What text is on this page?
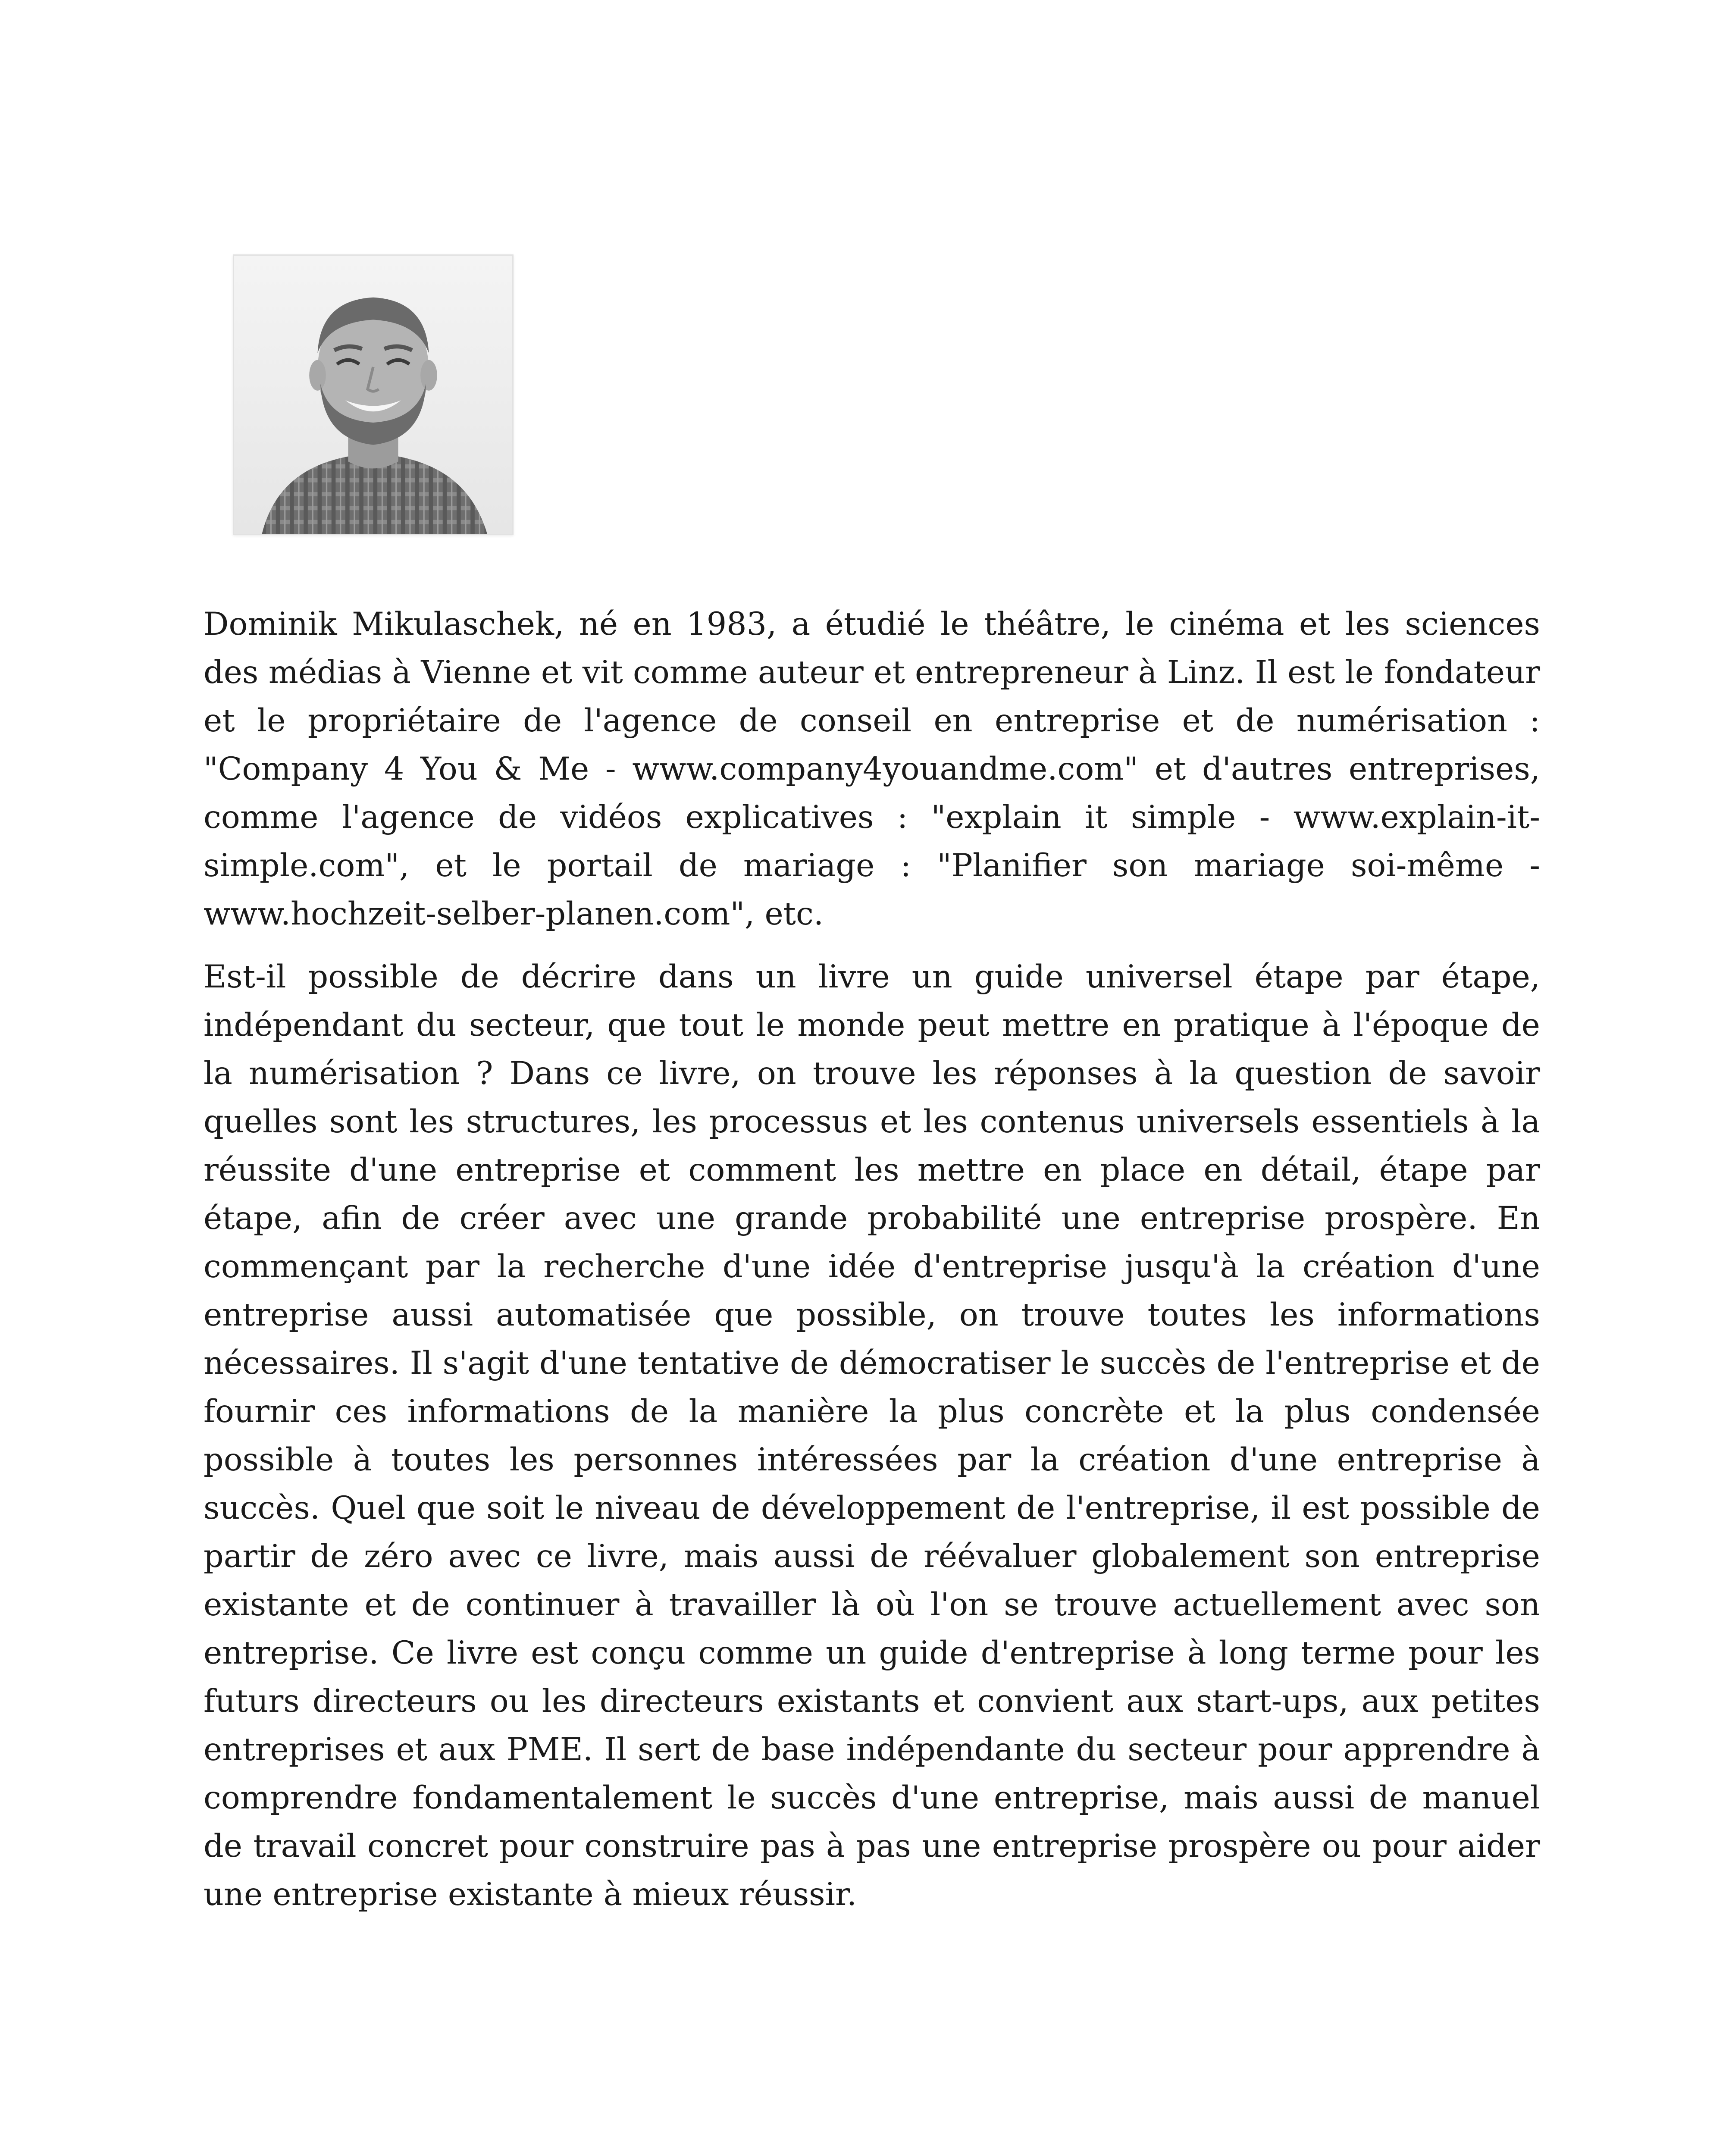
Dominik Mikulaschek, né en 1983, a étudié le théâtre, le cinéma et les sciences des médias à Vienne et vit comme auteur et entrepreneur à Linz. Il est le fondateur et le propriétaire de l'agence de conseil en entreprise et de numérisation : "Company 4 You & Me - www.company4youandme.com" et d'autres entreprises, comme l'agence de vidéos explicatives : "explain it simple - www.explain-it-simple.com", et le portail de mariage : "Planifier son mariage soi-même - www.hochzeit-selber-planen.com", etc.

Est-il possible de décrire dans un livre un guide universel étape par étape, indépendant du secteur, que tout le monde peut mettre en pratique à l'époque de la numérisation ? Dans ce livre, on trouve les réponses à la question de savoir quelles sont les structures, les processus et les contenus universels essentiels à la réussite d'une entreprise et comment les mettre en place en détail, étape par étape, afin de créer avec une grande probabilité une entreprise prospère. En commençant par la recherche d'une idée d'entreprise jusqu'à la création d'une entreprise aussi automatisée que possible, on trouve toutes les informations nécessaires. Il s'agit d'une tentative de démocratiser le succès de l'entreprise et de fournir ces informations de la manière la plus concrète et la plus condensée possible à toutes les personnes intéressées par la création d'une entreprise à succès. Quel que soit le niveau de développement de l'entreprise, il est possible de partir de zéro avec ce livre, mais aussi de réévaluer globalement son entreprise existante et de continuer à travailler là où l'on se trouve actuellement avec son entreprise. Ce livre est conçu comme un guide d'entreprise à long terme pour les futurs directeurs ou les directeurs existants et convient aux start-ups, aux petites entreprises et aux PME. Il sert de base indépendante du secteur pour apprendre à comprendre fondamentalement le succès d'une entreprise, mais aussi de manuel de travail concret pour construire pas à pas une entreprise prospère ou pour aider une entreprise existante à mieux réussir.
